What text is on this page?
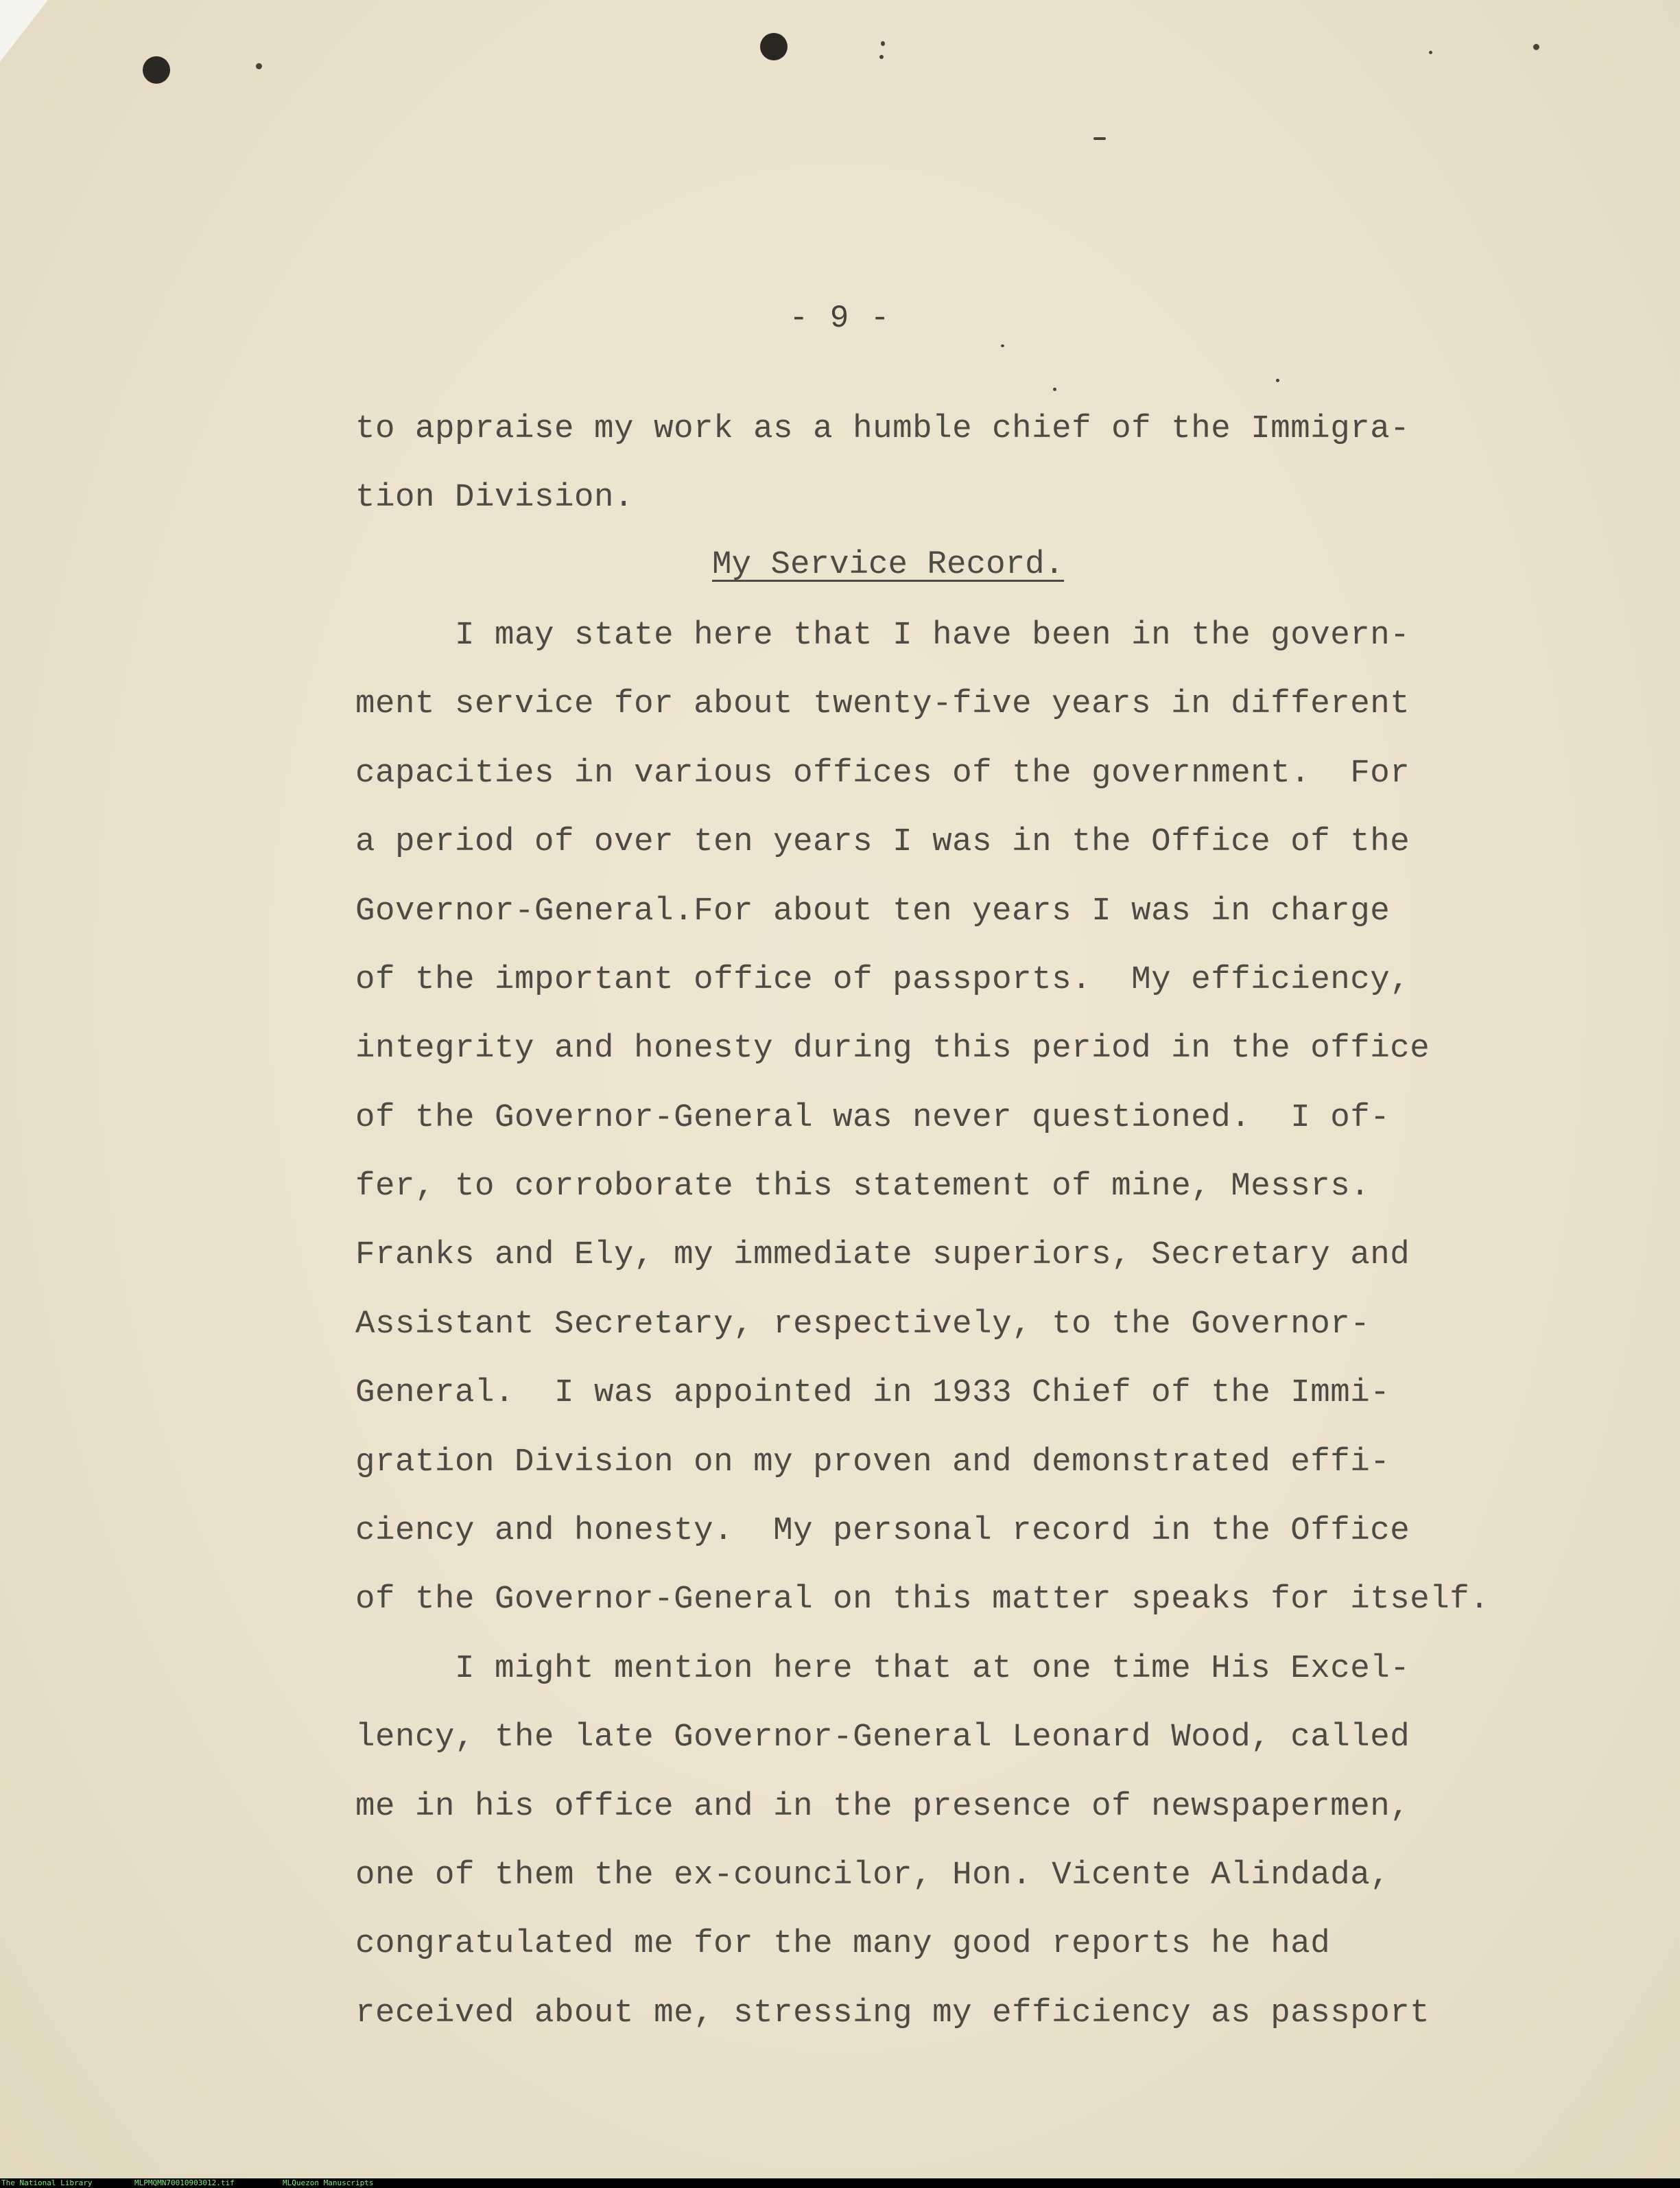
- 9 -
to appraise my work as a humble chief of the Immigra-
tion Division.
My Service Record.
I may state here that I have been in the govern-
ment service for about twenty-five years in different
capacities in various offices of the government.  For
a period of over ten years I was in the Office of the
Governor-General.For about ten years I was in charge
of the important office of passports.  My efficiency,
integrity and honesty during this period in the office
of the Governor-General was never questioned.  I of-
fer, to corroborate this statement of mine, Messrs.
Franks and Ely, my immediate superiors, Secretary and
Assistant Secretary, respectively, to the Governor-
General.  I was appointed in 1933 Chief of the Immi-
gration Division on my proven and demonstrated effi-
ciency and honesty.  My personal record in the Office
of the Governor-General on this matter speaks for itself.
I might mention here that at one time His Excel-
lency, the late Governor-General Leonard Wood, called
me in his office and in the presence of newspapermen,
one of them the ex-councilor, Hon. Vicente Alindada,
congratulated me for the many good reports he had
received about me, stressing my efficiency as passport
The National Library	MLPMQMN70010903012.tif	MLQuezon Manuscripts
